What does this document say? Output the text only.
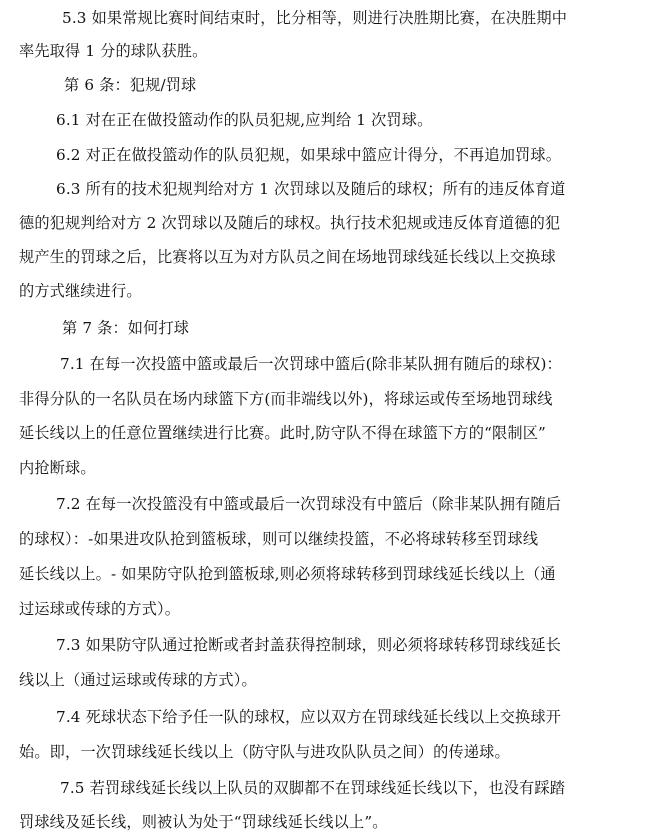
5.3 如果常规比赛时间结束时，比分相等，则进行决胜期比赛，在决胜期中
率先取得 1 分的球队获胜。
第 6 条：犯规/罚球
6.1 对在正在做投篮动作的队员犯规,应判给 1 次罚球。
6.2 对正在做投篮动作的队员犯规，如果球中篮应计得分，不再追加罚球。
6.3 所有的技术犯规判给对方 1 次罚球以及随后的球权；所有的违反体育道
德的犯规判给对方 2 次罚球以及随后的球权。执行技术犯规或违反体育道德的犯
规产生的罚球之后，比赛将以互为对方队员之间在场地罚球线延长线以上交换球
的方式继续进行。
第 7 条：如何打球
7.1 在每一次投篮中篮或最后一次罚球中篮后(除非某队拥有随后的球权)：
非得分队的一名队员在场内球篮下方(而非端线以外)，将球运或传至场地罚球线
延长线以上的任意位置继续进行比赛。此时,防守队不得在球篮下方的“限制区”
内抢断球。
7.2 在每一次投篮没有中篮或最后一次罚球没有中篮后（除非某队拥有随后
的球权）：-如果进攻队抢到篮板球，则可以继续投篮，不必将球转移至罚球线
延长线以上。- 如果防守队抢到篮板球,则必须将球转移到罚球线延长线以上（通
过运球或传球的方式）。
7.3 如果防守队通过抢断或者封盖获得控制球，则必须将球转移罚球线延长
线以上（通过运球或传球的方式）。
7.4 死球状态下给予任一队的球权，应以双方在罚球线延长线以上交换球开
始。即，一次罚球线延长线以上（防守队与进攻队队员之间）的传递球。
7.5 若罚球线延长线以上队员的双脚都不在罚球线延长线以下，也没有踩踏
罚球线及延长线，则被认为处于“罚球线延长线以上”。
